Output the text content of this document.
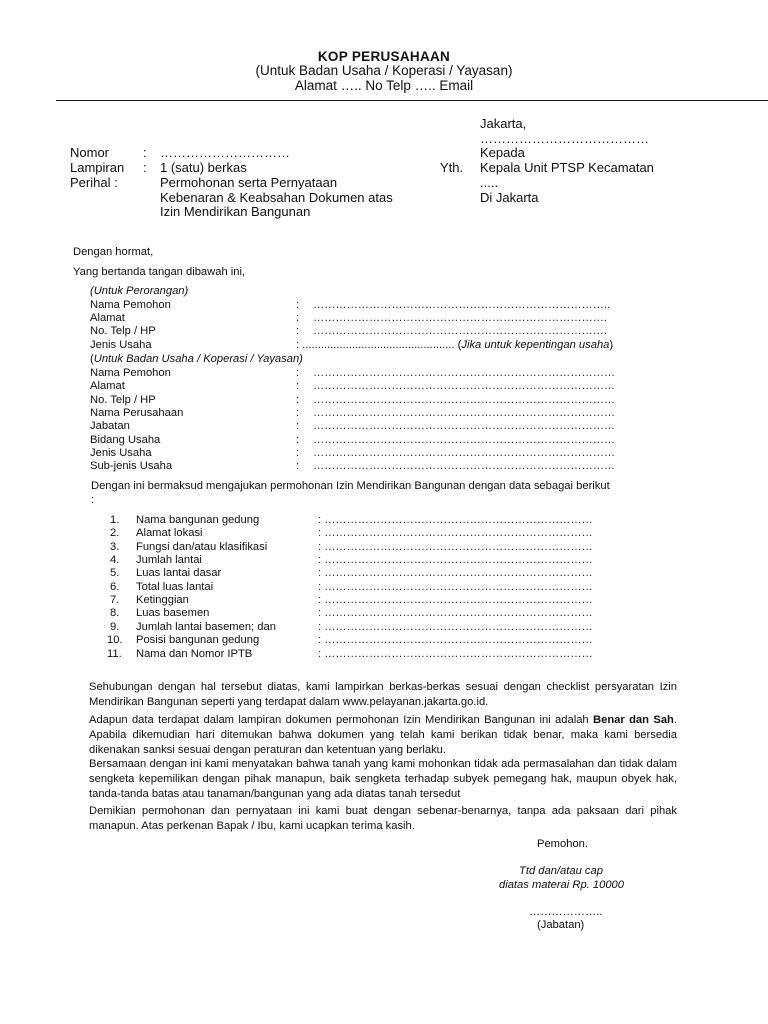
KOP PERUSAHAAN
(Untuk Badan Usaha / Koperasi / Yayasan)
Alamat ….. No Telp ….. Email
Jakarta,
…………………………………
Kepada
Kepala Unit PTSP Kecamatan
.....
Di Jakarta
Yth.
Nomor	: …………………………
Lampiran : 1 (satu) berkas
Perihal :	Permohonan serta Pernyataan
Kebenaran & Keabsahan Dokumen atas
Izin Mendirikan Bangunan
Dengan hormat,
Yang bertanda tangan dibawah ini,
(Untuk Perorangan)
Nama Pemohon	: ……………………………………………………………………..
Alamat	: …………………………………………………………………….
No. Telp / HP	: …………………………………………………………………….
Jenis Usaha	: ................................................. (Jika untuk kepentingan usaha)
(Untuk Badan Usaha / Koperasi / Yayasan)
Nama Pemohon	: ………………………………………………………………………
Alamat	: ………………………………………………………………………
No. Telp / HP	: ………………………………………………………………………
Nama Perusahaan	: ………………………………………………………………………
Jabatan	: ………………………………………………………………………
Bidang Usaha	: ………………………………………………………………………
Jenis Usaha	: ………………………………………………………………………
Sub-jenis Usaha	: ………………………………………………………………………
Dengan ini bermaksud mengajukan permohonan Izin Mendirikan Bangunan dengan data sebagai berikut
:
1. Nama bangunan gedung	: ………………………………………………………………
2. Alamat lokasi	: ………………………………………………………………
3. Fungsi dan/atau klasifikasi	: ………………………………………………………………
4. Jumlah lantai	: ………………………………………………………………
5. Luas lantai dasar	: ………………………………………………………………
6. Total luas lantai	: ………………………………………………………………
7. Ketinggian	: ………………………………………………………………
8. Luas basemen	: ………………………………………………………………
9. Jumlah lantai basemen; dan	: ………………………………………………………………
10. Posisi bangunan gedung	: ………………………………………………………………
11. Nama dan Nomor IPTB	: ………………………………………………………………
Sehubungan dengan hal tersebut diatas, kami lampirkan berkas-berkas sesuai dengan checklist persyaratan Izin Mendirikan Bangunan seperti yang terdapat dalam www.pelayanan.jakarta.go.id.
Adapun data terdapat dalam lampiran dokumen permohonan Izin Mendirikan Bangunan ini adalah Benar dan Sah. Apabila dikemudian hari ditemukan bahwa dokumen yang telah kami berikan tidak benar, maka kami bersedia dikenakan sanksi sesuai dengan peraturan dan ketentuan yang berlaku.
Bersamaan dengan ini kami menyatakan bahwa tanah yang kami mohonkan tidak ada permasalahan dan tidak dalam sengketa kepemilikan dengan pihak manapun, baik sengketa terhadap subyek pemegang hak, maupun obyek hak, tanda-tanda batas atau tanaman/bangunan yang ada diatas tanah tersedut
Demikian permohonan dan pernyataan ini kami buat dengan sebenar-benarnya, tanpa ada paksaan dari pihak manapun. Atas perkenan Bapak / Ibu, kami ucapkan terima kasih.
Pemohon.
Ttd dan/atau cap
diatas materai Rp. 10000
………………..
(Jabatan)
